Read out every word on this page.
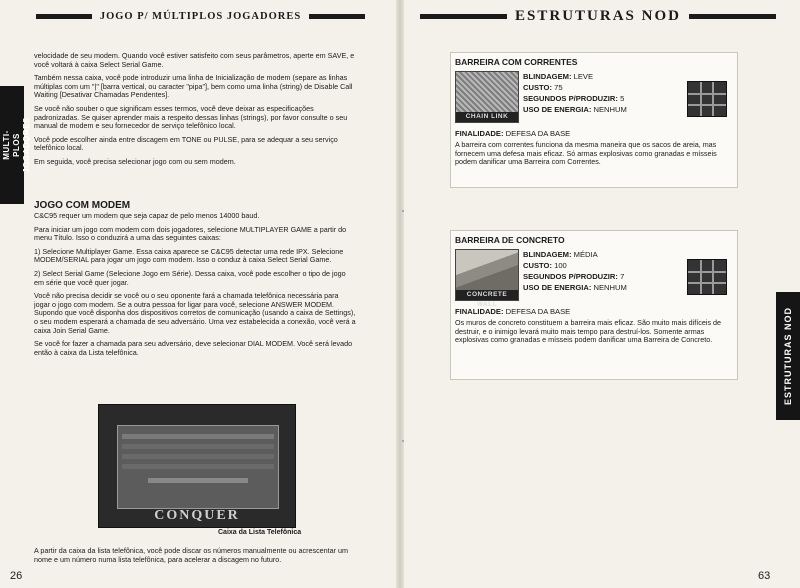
JOGO P/ MÚLTIPLOS JOGADORES
MULTI- PLOS JOGADORES

velocidade de seu modem. Quando você estiver satisfeito com seus parâmetros, aperte em SAVE, e você voltará à caixa Select Serial Game.

Também nessa caixa, você pode introduzir uma linha de Inicialização de modem (separe as linhas múltiplas com um "|" [barra vertical, ou caracter "pipa"], bem como uma linha (string) de Disable Call Waiting [Desativar Chamadas Pendentes].

Se você não souber o que significam esses termos, você deve deixar as especificações padronizadas. Se quiser aprender mais a respeito dessas linhas (strings), por favor consulte o seu manual de modem e seu fornecedor de serviço telefônico local.

Você pode escolher ainda entre discagem em TONE ou PULSE, para se adequar a seu serviço telefônico local.

Em seguida, você precisa selecionar jogo com ou sem modem.

JOGO COM MODEM

C&C95 requer um modem que seja capaz de pelo menos 14000 baud.

Para iniciar um jogo com modem com dois jogadores, selecione MULTIPLAYER GAME a partir do menu Título. Isso o conduzirá a uma das seguintes caixas:

1) Selecione Multiplayer Game. Essa caixa aparece se C&C95 detectar uma rede IPX. Selecione MODEM/SERIAL para jogar um jogo com modem. Isso o conduz à caixa Select Serial Game.

2) Select Serial Game (Selecione Jogo em Série). Dessa caixa, você pode escolher o tipo de jogo em série que você quer jogar.

Você não precisa decidir se você ou o seu oponente fará a chamada telefônica necessária para jogar o jogo com modem. Se a outra pessoa for ligar para você, selecione ANSWER MODEM. Supondo que você disponha dos dispositivos corretos de comunicação (usando a caixa de Settings), o seu modem esperará a chamada de seu adversário. Uma vez estabelecida a conexão, você verá a caixa Join Serial Game.

Se você for fazer a chamada para seu adversário, deve selecionar DIAL MODEM. Você será levado então à caixa da Lista telefônica.

CONQUER
Caixa da Lista Telefônica
A partir da caixa da lista telefônica, você pode discar os números manualmente ou acrescentar um nome e um número numa lista telefônica, para acelerar a discagem no futuro.
26
ESTRUTURAS NOD
BARREIRA COM CORRENTES
CHAIN LINK
BLINDAGEM: LEVE
CUSTO: 75
SEGUNDOS P/PRODUZIR: 5
USO DE ENERGIA: NENHUM
FINALIDADE: DEFESA DA BASE
A barreira com correntes funciona da mesma maneira que os sacos de areia, mas fornecem uma defesa mais eficaz. Só armas explosivas como granadas e mísseis podem danificar uma Barreira com Correntes.
BARREIRA DE CONCRETO
CONCRETE WALL
BLINDAGEM: MÉDIA
CUSTO: 100
SEGUNDOS P/PRODUZIR: 7
USO DE ENERGIA: NENHUM
FINALIDADE: DEFESA DA BASE
Os muros de concreto constituem a barreira mais eficaz. São muito mais difíceis de destruir, e o inimigo levará muito mais tempo para destruí-los. Somente armas explosivas como granadas e mísseis podem danificar uma Barreira de Concreto.	ESTRUTURAS NOD
63
